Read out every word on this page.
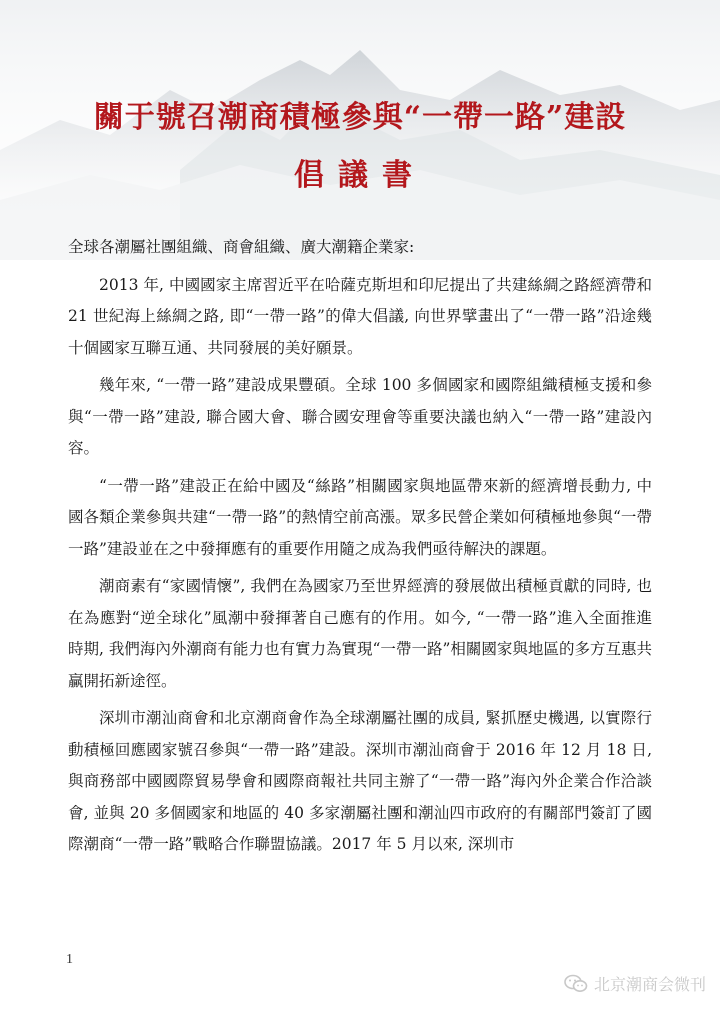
關于號召潮商積極參與“一帶一路”建設
倡議書

全球各潮屬社團組織、商會組織、廣大潮籍企業家:

2013 年, 中國國家主席習近平在哈薩克斯坦和印尼提出了共建絲綢之路經濟帶和 21 世紀海上絲綢之路, 即“一帶一路”的偉大倡議, 向世界擘畫出了“一帶一路”沿途幾十個國家互聯互通、共同發展的美好願景。

幾年來, “一帶一路”建設成果豐碩。全球 100 多個國家和國際組織積極支援和參與“一帶一路”建設, 聯合國大會、聯合國安理會等重要決議也納入“一帶一路”建設內容。

“一帶一路”建設正在給中國及“絲路”相關國家與地區帶來新的經濟增長動力, 中國各類企業參與共建“一帶一路”的熱情空前高漲。眾多民營企業如何積極地參與“一帶一路”建設並在之中發揮應有的重要作用隨之成為我們亟待解決的課題。

潮商素有“家國情懷”, 我們在為國家乃至世界經濟的發展做出積極貢獻的同時, 也在為應對“逆全球化”風潮中發揮著自己應有的作用。如今, “一帶一路”進入全面推進時期, 我們海內外潮商有能力也有實力為實現“一帶一路”相關國家與地區的多方互惠共贏開拓新途徑。

深圳市潮汕商會和北京潮商會作為全球潮屬社團的成員, 緊抓歷史機遇, 以實際行動積極回應國家號召參與“一帶一路”建設。深圳市潮汕商會于 2016 年 12 月 18 日, 與商務部中國國際貿易學會和國際商報社共同主辦了“一帶一路”海內外企業合作洽談會, 並與 20 多個國家和地區的 40 多家潮屬社團和潮汕四市政府的有關部門簽訂了國際潮商“一帶一路”戰略合作聯盟協議。2017 年 5 月以來, 深圳市

1
北京潮商会微刊
